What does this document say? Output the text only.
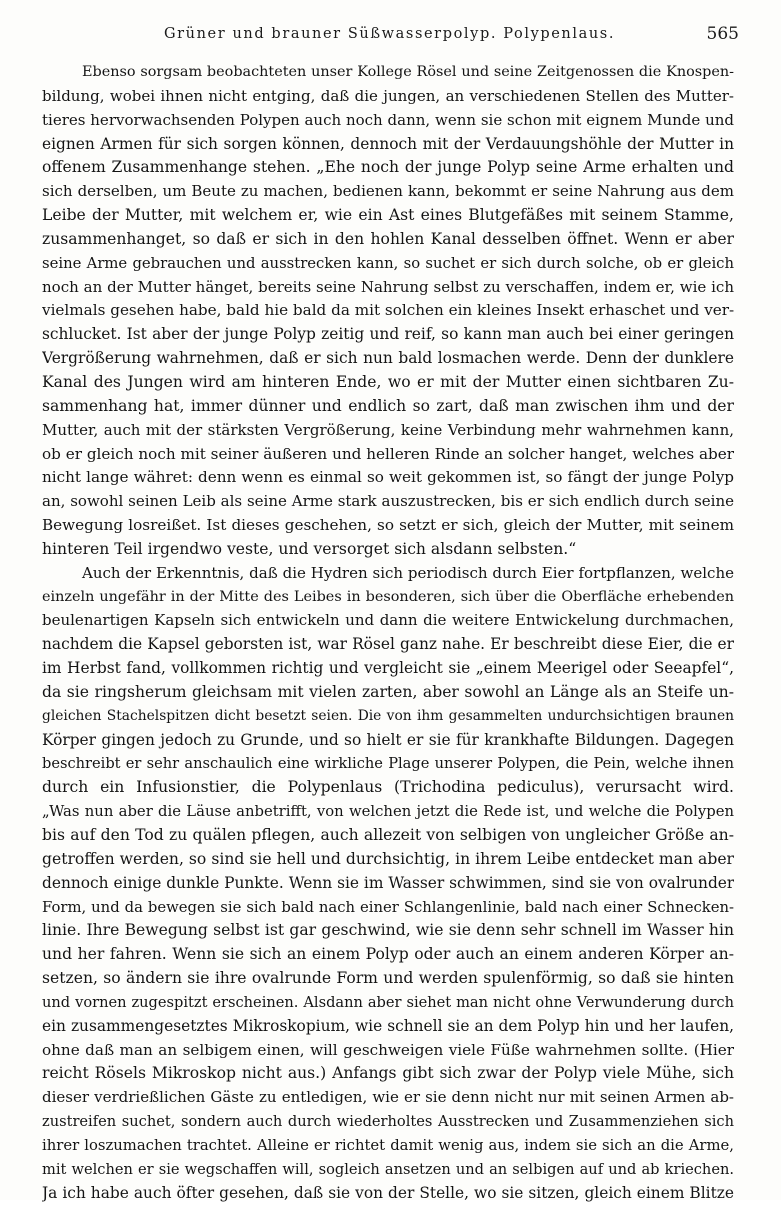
Grüner und brauner Süßwasserpolyp. Polypenlaus.	565
Ebenso sorgsam beobachteten unser Kollege Rösel und seine Zeitgenossen die Knospen-
bildung, wobei ihnen nicht entging, daß die jungen, an verschiedenen Stellen des Mutter-
tieres hervorwachsenden Polypen auch noch dann, wenn sie schon mit eignem Munde und
eignen Armen für sich sorgen können, dennoch mit der Verdauungshöhle der Mutter in
offenem Zusammenhange stehen. „Ehe noch der junge Polyp seine Arme erhalten und
sich derselben, um Beute zu machen, bedienen kann, bekommt er seine Nahrung aus dem
Leibe der Mutter, mit welchem er, wie ein Ast eines Blutgefäßes mit seinem Stamme,
zusammenhanget, so daß er sich in den hohlen Kanal desselben öffnet. Wenn er aber
seine Arme gebrauchen und ausstrecken kann, so suchet er sich durch solche, ob er gleich
noch an der Mutter hänget, bereits seine Nahrung selbst zu verschaffen, indem er, wie ich
vielmals gesehen habe, bald hie bald da mit solchen ein kleines Insekt erhaschet und ver-
schlucket. Ist aber der junge Polyp zeitig und reif, so kann man auch bei einer geringen
Vergrößerung wahrnehmen, daß er sich nun bald losmachen werde. Denn der dunklere
Kanal des Jungen wird am hinteren Ende, wo er mit der Mutter einen sichtbaren Zu-
sammenhang hat, immer dünner und endlich so zart, daß man zwischen ihm und der
Mutter, auch mit der stärksten Vergrößerung, keine Verbindung mehr wahrnehmen kann,
ob er gleich noch mit seiner äußeren und helleren Rinde an solcher hanget, welches aber
nicht lange währet: denn wenn es einmal so weit gekommen ist, so fängt der junge Polyp
an, sowohl seinen Leib als seine Arme stark auszustrecken, bis er sich endlich durch seine
Bewegung losreißet. Ist dieses geschehen, so setzt er sich, gleich der Mutter, mit seinem
hinteren Teil irgendwo veste, und versorget sich alsdann selbsten.“
Auch der Erkenntnis, daß die Hydren sich periodisch durch Eier fortpflanzen, welche
einzeln ungefähr in der Mitte des Leibes in besonderen, sich über die Oberfläche erhebenden
beulenartigen Kapseln sich entwickeln und dann die weitere Entwickelung durchmachen,
nachdem die Kapsel geborsten ist, war Rösel ganz nahe. Er beschreibt diese Eier, die er
im Herbst fand, vollkommen richtig und vergleicht sie „einem Meerigel oder Seeapfel“,
da sie ringsherum gleichsam mit vielen zarten, aber sowohl an Länge als an Steife un-
gleichen Stachelspitzen dicht besetzt seien. Die von ihm gesammelten undurchsichtigen braunen
Körper gingen jedoch zu Grunde, und so hielt er sie für krankhafte Bildungen. Dagegen
beschreibt er sehr anschaulich eine wirkliche Plage unserer Polypen, die Pein, welche ihnen
durch ein Infusionstier, die Polypenlaus (Trichodina pediculus), verursacht wird.
„Was nun aber die Läuse anbetrifft, von welchen jetzt die Rede ist, und welche die Polypen
bis auf den Tod zu quälen pflegen, auch allezeit von selbigen von ungleicher Größe an-
getroffen werden, so sind sie hell und durchsichtig, in ihrem Leibe entdecket man aber
dennoch einige dunkle Punkte. Wenn sie im Wasser schwimmen, sind sie von ovalrunder
Form, und da bewegen sie sich bald nach einer Schlangenlinie, bald nach einer Schnecken-
linie. Ihre Bewegung selbst ist gar geschwind, wie sie denn sehr schnell im Wasser hin
und her fahren. Wenn sie sich an einem Polyp oder auch an einem anderen Körper an-
setzen, so ändern sie ihre ovalrunde Form und werden spulenförmig, so daß sie hinten
und vornen zugespitzt erscheinen. Alsdann aber siehet man nicht ohne Verwunderung durch
ein zusammengesetztes Mikroskopium, wie schnell sie an dem Polyp hin und her laufen,
ohne daß man an selbigem einen, will geschweigen viele Füße wahrnehmen sollte. (Hier
reicht Rösels Mikroskop nicht aus.) Anfangs gibt sich zwar der Polyp viele Mühe, sich
dieser verdrießlichen Gäste zu entledigen, wie er sie denn nicht nur mit seinen Armen ab-
zustreifen suchet, sondern auch durch wiederholtes Ausstrecken und Zusammenziehen sich
ihrer loszumachen trachtet. Alleine er richtet damit wenig aus, indem sie sich an die Arme,
mit welchen er sie wegschaffen will, sogleich ansetzen und an selbigen auf und ab kriechen.
Ja ich habe auch öfter gesehen, daß sie von der Stelle, wo sie sitzen, gleich einem Blitze
